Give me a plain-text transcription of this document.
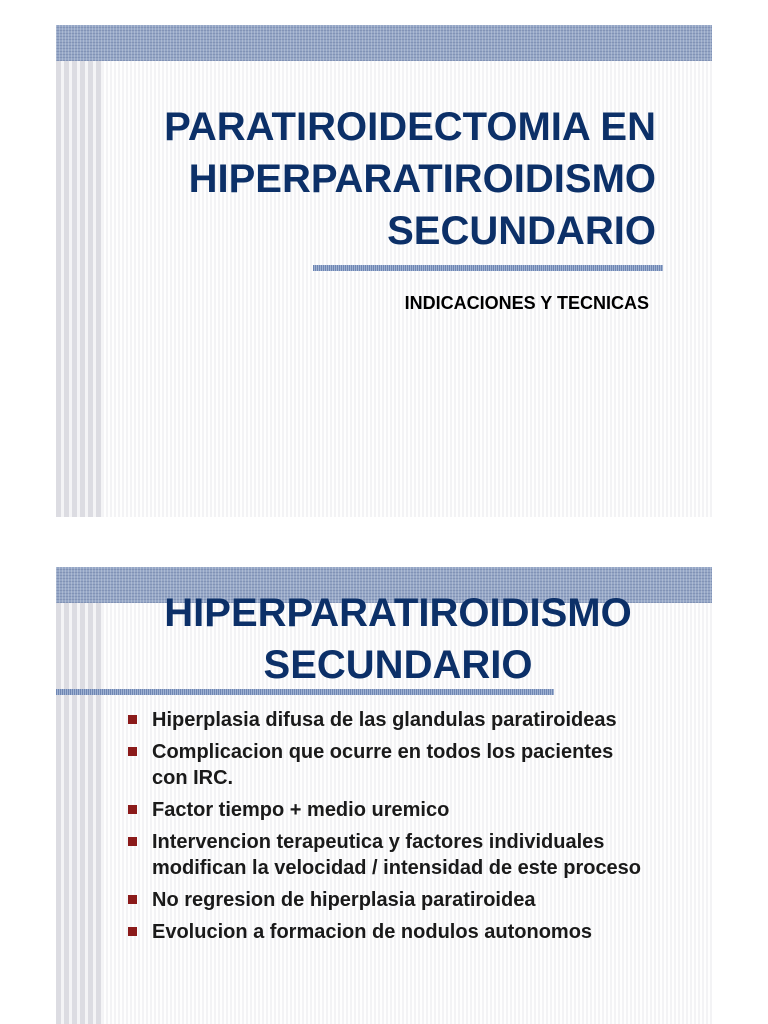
PARATIROIDECTOMIA EN
HIPERPARATIROIDISMO
SECUNDARIO
INDICACIONES Y TECNICAS
HIPERPARATIROIDISMO
SECUNDARIO
Hiperplasia difusa de las glandulas paratiroideas
Complicacion que ocurre en todos los pacientes
con IRC.
Factor tiempo + medio uremico
Intervencion terapeutica y factores individuales
modifican la velocidad / intensidad de este proceso
No regresion de hiperplasia paratiroidea
Evolucion a formacion de nodulos autonomos
